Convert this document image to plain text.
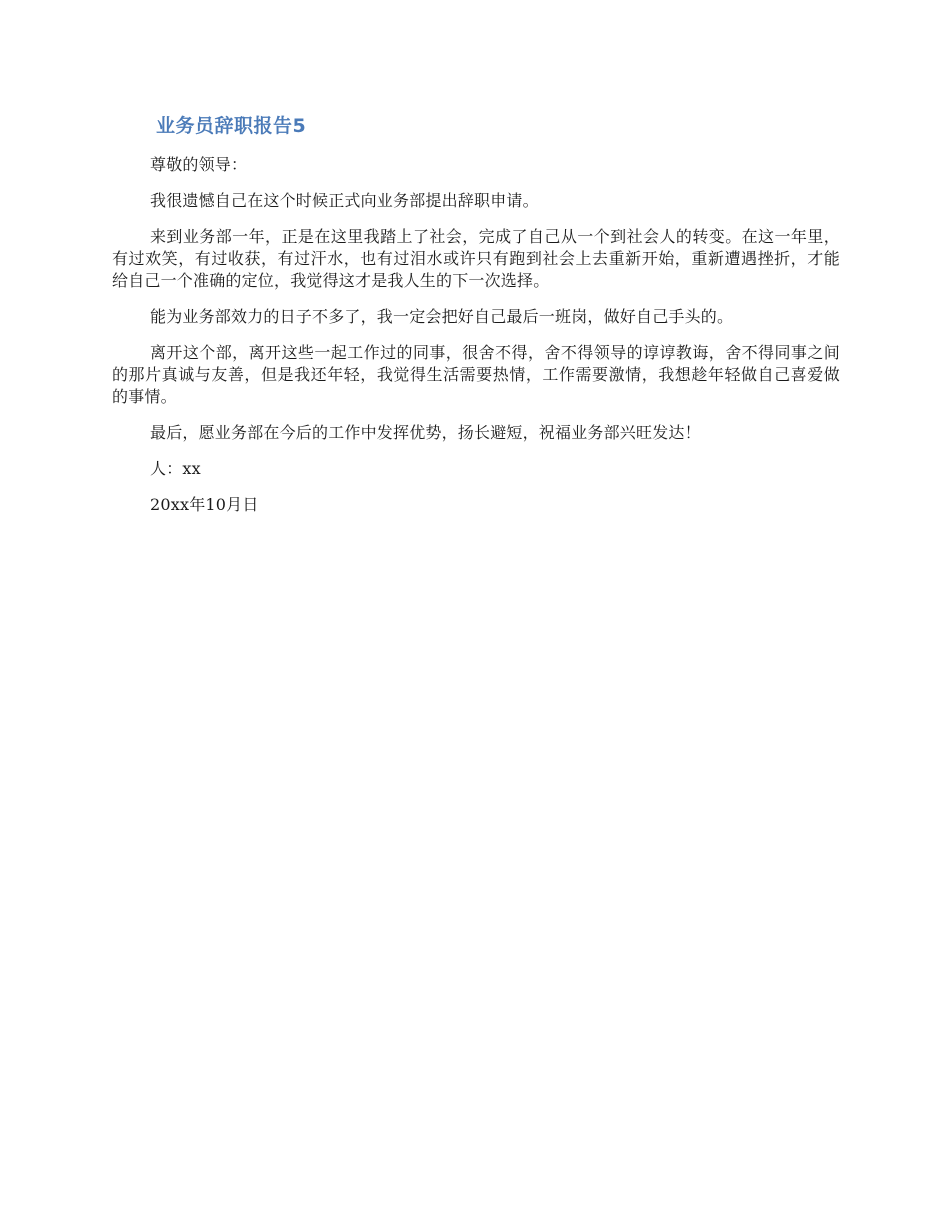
业务员辞职报告5

尊敬的领导：

我很遗憾自己在这个时候正式向业务部提出辞职申请。

来到业务部一年，正是在这里我踏上了社会，完成了自己从一个到社会人的转变。在这一年里，有过欢笑，有过收获，有过汗水，也有过泪水或许只有跑到社会上去重新开始，重新遭遇挫折，才能给自己一个准确的定位，我觉得这才是我人生的下一次选择。

能为业务部效力的日子不多了，我一定会把好自己最后一班岗，做好自己手头的。

离开这个部，离开这些一起工作过的同事，很舍不得，舍不得领导的谆谆教诲，舍不得同事之间的那片真诚与友善，但是我还年轻，我觉得生活需要热情，工作需要激情，我想趁年轻做自己喜爱做的事情。

最后，愿业务部在今后的工作中发挥优势，扬长避短，祝福业务部兴旺发达！

人：xx

20xx年10月日
